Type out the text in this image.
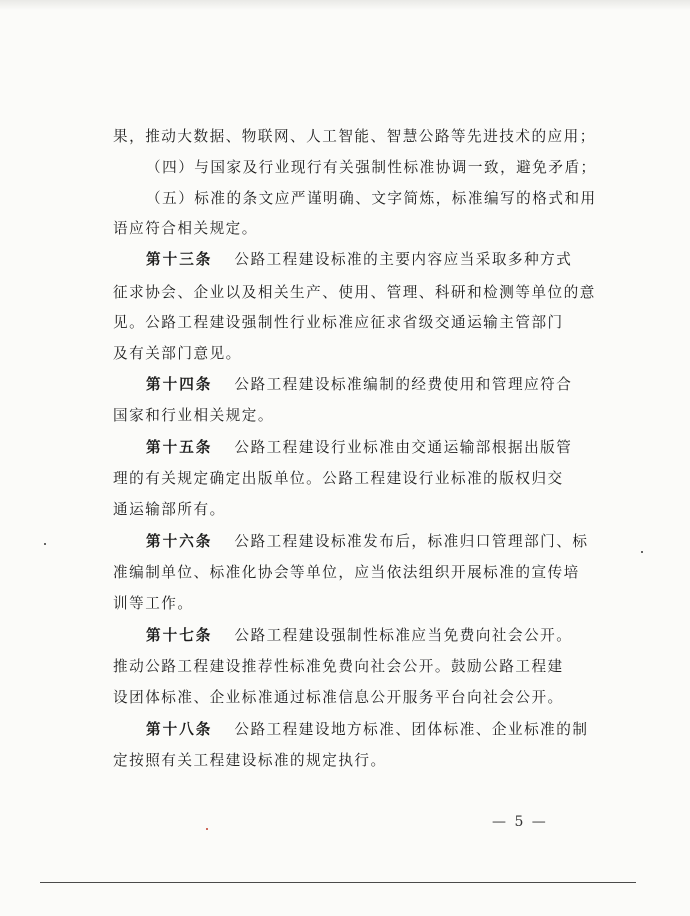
果，推动大数据、物联网、人工智能、智慧公路等先进技术的应用；
（四）与国家及行业现行有关强制性标准协调一致，避免矛盾；
（五）标准的条文应严谨明确、文字简炼，标准编写的格式和用
语应符合相关规定。
第十三条 公路工程建设标准的主要内容应当采取多种方式
征求协会、企业以及相关生产、使用、管理、科研和检测等单位的意
见。公路工程建设强制性行业标准应征求省级交通运输主管部门
及有关部门意见。
第十四条 公路工程建设标准编制的经费使用和管理应符合
国家和行业相关规定。
第十五条 公路工程建设行业标准由交通运输部根据出版管
理的有关规定确定出版单位。公路工程建设行业标准的版权归交
通运输部所有。
第十六条 公路工程建设标准发布后，标准归口管理部门、标
准编制单位、标准化协会等单位，应当依法组织开展标准的宣传培
训等工作。
第十七条 公路工程建设强制性标准应当免费向社会公开。
推动公路工程建设推荐性标准免费向社会公开。鼓励公路工程建
设团体标准、企业标准通过标准信息公开服务平台向社会公开。
第十八条 公路工程建设地方标准、团体标准、企业标准的制
定按照有关工程建设标准的规定执行。
— 5 —
